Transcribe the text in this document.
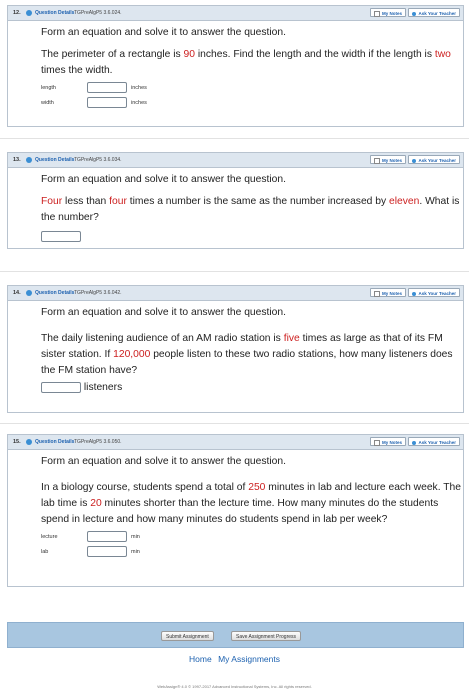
12.	Question Details TGPreAlgP5 3.6.024.	My Notes	Ask Your Teacher

Form an equation and solve it to answer the question.

The perimeter of a rectangle is 90 inches. Find the length and the width if the length is two times the width.

length	inches
width	inches
13.	Question Details TGPreAlgP5 3.6.034.	My Notes	Ask Your Teacher

Form an equation and solve it to answer the question.

Four less than four times a number is the same as the number increased by eleven. What is the number?

14.	Question Details TGPreAlgP5 3.6.042.	My Notes	Ask Your Teacher

Form an equation and solve it to answer the question.

The daily listening audience of an AM radio station is five times as large as that of its FM sister station. If 120,000 people listen to these two radio stations, how many listeners does the FM station have?

listeners
15.	Question Details TGPreAlgP5 3.6.050.	My Notes	Ask Your Teacher

Form an equation and solve it to answer the question.

In a biology course, students spend a total of 250 minutes in lab and lecture each week. The lab time is 20 minutes shorter than the lecture time. How many minutes do the students spend in lecture and how many minutes do students spend in lab per week?

lecture	min
lab	min
Submit Assignment	Save Assignment Progress
Home My Assignments
WebAssign® 4.0 © 1997-2017 Advanced Instructional Systems, Inc. All rights reserved.
